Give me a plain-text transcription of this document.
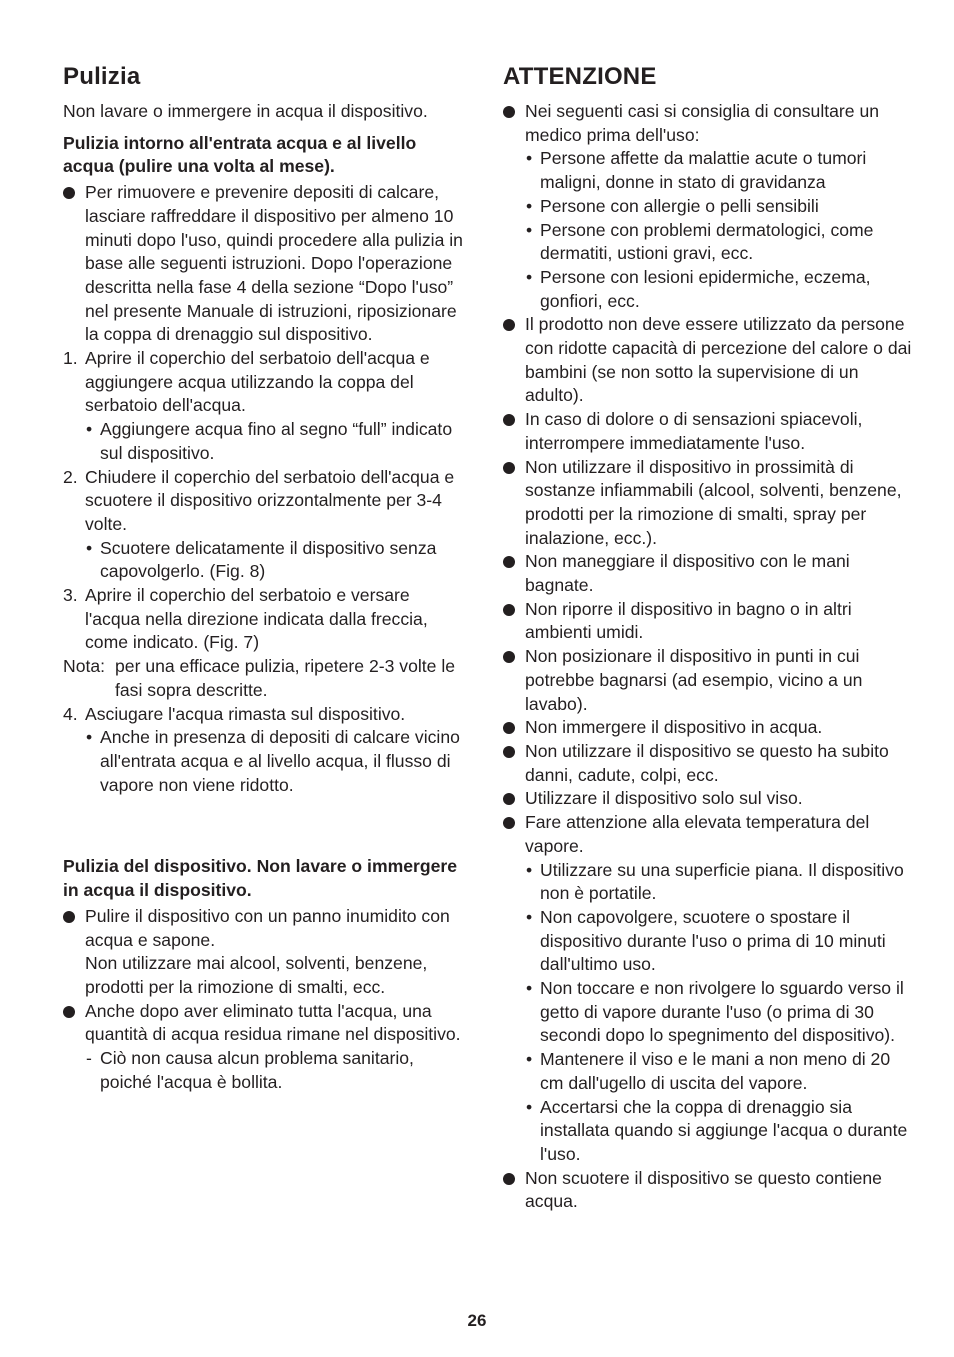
Pulizia

Non lavare o immergere in acqua il dispositivo.

Pulizia intorno all'entrata acqua e al livello acqua (pulire una volta al mese).

Per rimuovere e prevenire depositi di calcare, lasciare raffreddare il dispositivo per almeno 10 minuti dopo l'uso, quindi procedere alla pulizia in base alle seguenti istruzioni. Dopo l'operazione descritta nella fase 4 della sezione “Dopo l'uso” nel presente Manuale di istruzioni, riposizionare la coppa di drenaggio sul dispositivo.
1. Aprire il coperchio del serbatoio dell'acqua e aggiungere acqua utilizzando la coppa del serbatoio dell'acqua.
• Aggiungere acqua fino al segno “full” indicato sul dispositivo.
2. Chiudere il coperchio del serbatoio dell'acqua e scuotere il dispositivo orizzontalmente per 3-4 volte.
• Scuotere delicatamente il dispositivo senza capovolgerlo. (Fig. 8)
3. Aprire il coperchio del serbatoio e versare l'acqua nella direzione indicata dalla freccia, come indicato. (Fig. 7)
Nota: per una efficace pulizia, ripetere 2-3 volte le fasi sopra descritte.
4. Asciugare l'acqua rimasta sul dispositivo.
• Anche in presenza di depositi di calcare vicino all'entrata acqua e al livello acqua, il flusso di vapore non viene ridotto.

Pulizia del dispositivo. Non lavare o immergere in acqua il dispositivo.

Pulire il dispositivo con un panno inumidito con acqua e sapone.
Non utilizzare mai alcool, solventi, benzene, prodotti per la rimozione di smalti, ecc.
Anche dopo aver eliminato tutta l'acqua, una quantità di acqua residua rimane nel dispositivo.
- Ciò non causa alcun problema sanitario, poiché l'acqua è bollita.
ATTENZIONE
Nei seguenti casi si consiglia di consultare un medico prima dell'uso:
• Persone affette da malattie acute o tumori maligni, donne in stato di gravidanza
• Persone con allergie o pelli sensibili
• Persone con problemi dermatologici, come dermatiti, ustioni gravi, ecc.
• Persone con lesioni epidermiche, eczema, gonfiori, ecc.
Il prodotto non deve essere utilizzato da persone con ridotte capacità di percezione del calore o dai bambini (se non sotto la supervisione di un adulto).
In caso di dolore o di sensazioni spiacevoli, interrompere immediatamente l'uso.
Non utilizzare il dispositivo in prossimità di sostanze infiammabili (alcool, solventi, benzene, prodotti per la rimozione di smalti, spray per inalazione, ecc.).
Non maneggiare il dispositivo con le mani bagnate.
Non riporre il dispositivo in bagno o in altri ambienti umidi.
Non posizionare il dispositivo in punti in cui potrebbe bagnarsi (ad esempio, vicino a un lavabo).
Non immergere il dispositivo in acqua.
Non utilizzare il dispositivo se questo ha subito danni, cadute, colpi, ecc.
Utilizzare il dispositivo solo sul viso.
Fare attenzione alla elevata temperatura del vapore.
• Utilizzare su una superficie piana. Il dispositivo non è portatile.
• Non capovolgere, scuotere o spostare il dispositivo durante l'uso o prima di 10 minuti dall'ultimo uso.
• Non toccare e non rivolgere lo sguardo verso il getto di vapore durante l'uso (o prima di 30 secondi dopo lo spegnimento del dispositivo).
• Mantenere il viso e le mani a non meno di 20 cm dall'ugello di uscita del vapore.
• Accertarsi che la coppa di drenaggio sia installata quando si aggiunge l'acqua o durante l'uso.
Non scuotere il dispositivo se questo contiene acqua.
26
